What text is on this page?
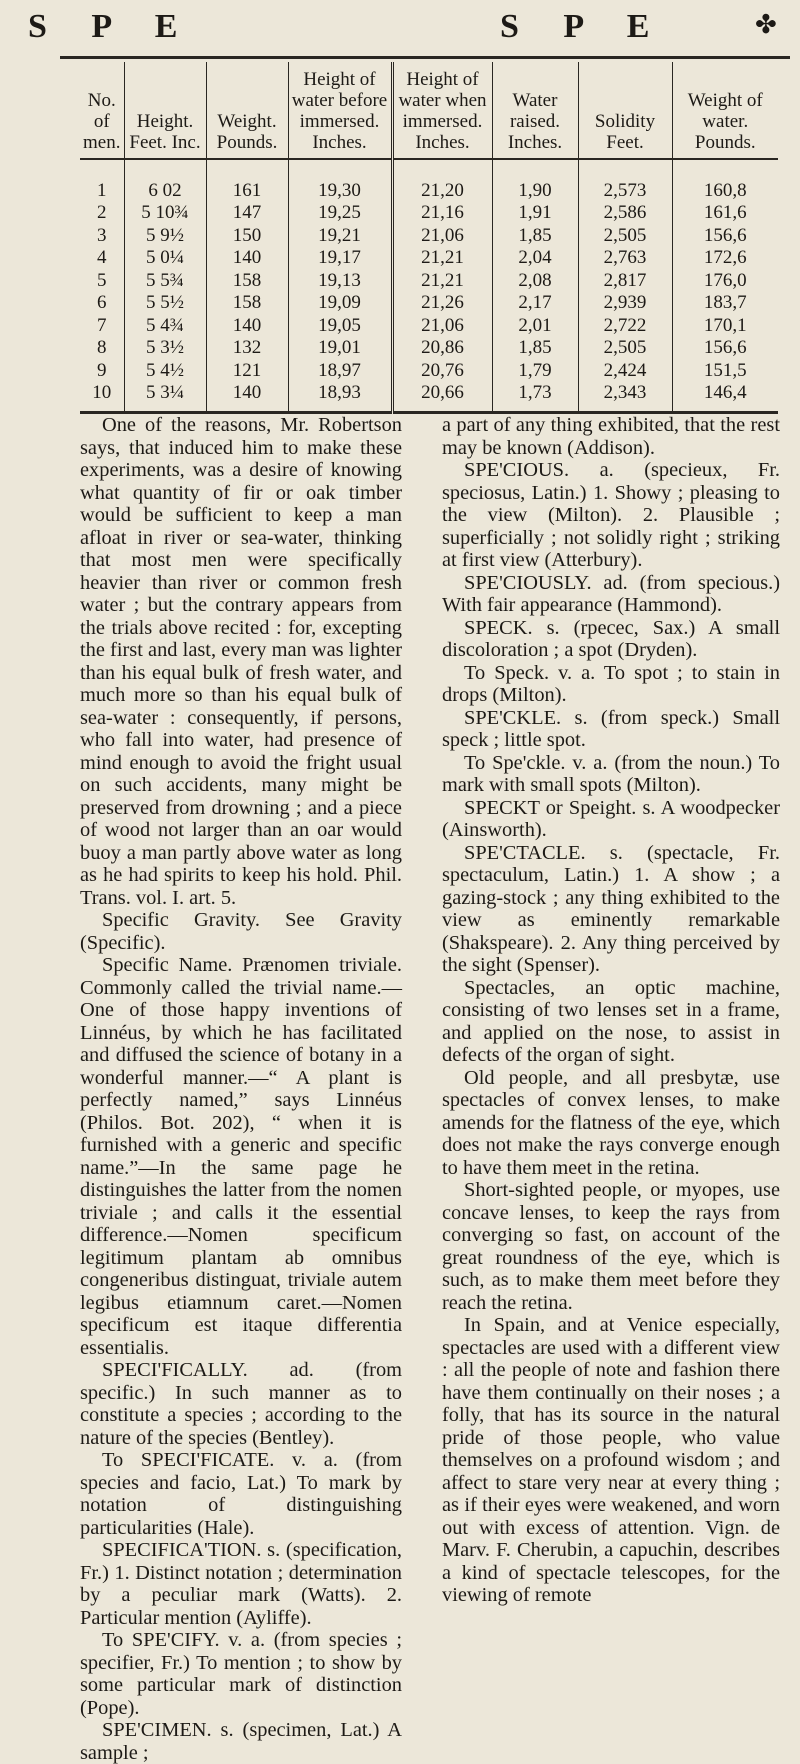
S P E	S P E	✤
No. of men.	Height. Feet. Inc.	Weight. Pounds.	Height of water before immersed. Inches.	Height of water when immersed. Inches.	Water raised. Inches.	Solidity Feet.	Weight of water. Pounds.
1	6 02	161	19,30	21,20	1,90	2,573	160,8
2	5 10¾	147	19,25	21,16	1,91	2,586	161,6
3	5 9½	150	19,21	21,06	1,85	2,505	156,6
4	5 0¼	140	19,17	21,21	2,04	2,763	172,6
5	5 5¾	158	19,13	21,21	2,08	2,817	176,0
6	5 5½	158	19,09	21,26	2,17	2,939	183,7
7	5 4¾	140	19,05	21,06	2,01	2,722	170,1
8	5 3½	132	19,01	20,86	1,85	2,505	156,6
9	5 4½	121	18,97	20,76	1,79	2,424	151,5
10	5 3¼	140	18,93	20,66	1,73	2,343	146,4

One of the reasons, Mr. Robertson says, that induced him to make these experiments, was a desire of knowing what quantity of fir or oak timber would be sufficient to keep a man afloat in river or sea-water, thinking that most men were specifically heavier than river or common fresh water ; but the contrary appears from the trials above recited : for, excepting the first and last, every man was lighter than his equal bulk of fresh water, and much more so than his equal bulk of sea-water : consequently, if persons, who fall into water, had presence of mind enough to avoid the fright usual on such accidents, many might be preserved from drowning ; and a piece of wood not larger than an oar would buoy a man partly above water as long as he had spirits to keep his hold. Phil. Trans. vol. I. art. 5.

Specific Gravity. See Gravity (Specific).

Specific Name. Prænomen triviale. Commonly called the trivial name.—One of those happy inventions of Linnéus, by which he has facilitated and diffused the science of botany in a wonderful manner.—“ A plant is perfectly named,” says Linnéus (Philos. Bot. 202), “ when it is furnished with a generic and specific name.”—In the same page he distinguishes the latter from the nomen triviale ; and calls it the essential difference.—Nomen specificum legitimum plantam ab omnibus congeneribus distinguat, triviale autem legibus etiamnum caret.—Nomen specificum est itaque differentia essentialis.

SPECI'FICALLY. ad. (from specific.) In such manner as to constitute a species ; according to the nature of the species (Bentley).

To SPECI'FICATE. v. a. (from species and facio, Lat.) To mark by notation of distinguishing particularities (Hale).

SPECIFICA'TION. s. (specification, Fr.) 1. Distinct notation ; determination by a peculiar mark (Watts). 2. Particular mention (Ayliffe).

To SPE'CIFY. v. a. (from species ; specifier, Fr.) To mention ; to show by some particular mark of distinction (Pope).

SPE'CIMEN. s. (specimen, Lat.) A sample ;

a part of any thing exhibited, that the rest may be known (Addison).

SPE'CIOUS. a. (specieux, Fr. speciosus, Latin.) 1. Showy ; pleasing to the view (Milton). 2. Plausible ; superficially ; not solidly right ; striking at first view (Atterbury).

SPE'CIOUSLY. ad. (from specious.) With fair appearance (Hammond).

SPECK. s. (rpecec, Sax.) A small discoloration ; a spot (Dryden).

To Speck. v. a. To spot ; to stain in drops (Milton).

SPE'CKLE. s. (from speck.) Small speck ; little spot.

To Spe'ckle. v. a. (from the noun.) To mark with small spots (Milton).

SPECKT or Speight. s. A woodpecker (Ainsworth).

SPE'CTACLE. s. (spectacle, Fr. spectaculum, Latin.) 1. A show ; a gazing-stock ; any thing exhibited to the view as eminently remarkable (Shakspeare). 2. Any thing perceived by the sight (Spenser).

Spectacles, an optic machine, consisting of two lenses set in a frame, and applied on the nose, to assist in defects of the organ of sight.

Old people, and all presbytæ, use spectacles of convex lenses, to make amends for the flatness of the eye, which does not make the rays converge enough to have them meet in the retina.

Short-sighted people, or myopes, use concave lenses, to keep the rays from converging so fast, on account of the great roundness of the eye, which is such, as to make them meet before they reach the retina.

In Spain, and at Venice especially, spectacles are used with a different view : all the people of note and fashion there have them continually on their noses ; a folly, that has its source in the natural pride of those people, who value themselves on a profound wisdom ; and affect to stare very near at every thing ; as if their eyes were weakened, and worn out with excess of attention. Vign. de Marv. F. Cherubin, a capuchin, describes a kind of spectacle telescopes, for the viewing of remote
